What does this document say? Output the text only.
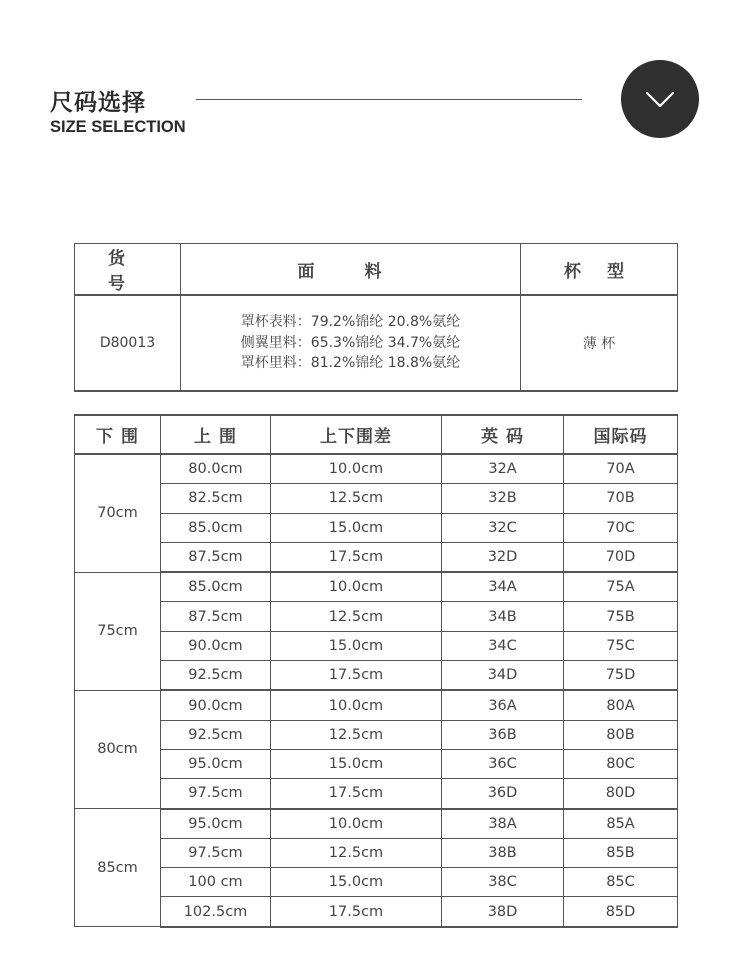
尺码选择
SIZE SELECTION
货 号	面 料	杯 型
D80013	罩杯表料：79.2%锦纶 20.8%氨纶
侧翼里料：65.3%锦纶 34.7%氨纶
罩杯里料：81.2%锦纶 18.8%氨纶	薄 杯
下 围	上 围	上下围差	英 码	国际码
70cm	80.0cm	10.0cm	32A	70A
	82.5cm	12.5cm	32B	70B
	85.0cm	15.0cm	32C	70C
	87.5cm	17.5cm	32D	70D
75cm	85.0cm	10.0cm	34A	75A
	87.5cm	12.5cm	34B	75B
	90.0cm	15.0cm	34C	75C
	92.5cm	17.5cm	34D	75D
80cm	90.0cm	10.0cm	36A	80A
	92.5cm	12.5cm	36B	80B
	95.0cm	15.0cm	36C	80C
	97.5cm	17.5cm	36D	80D
85cm	95.0cm	10.0cm	38A	85A
	97.5cm	12.5cm	38B	85B
	100 cm	15.0cm	38C	85C
	102.5cm	17.5cm	38D	85D
